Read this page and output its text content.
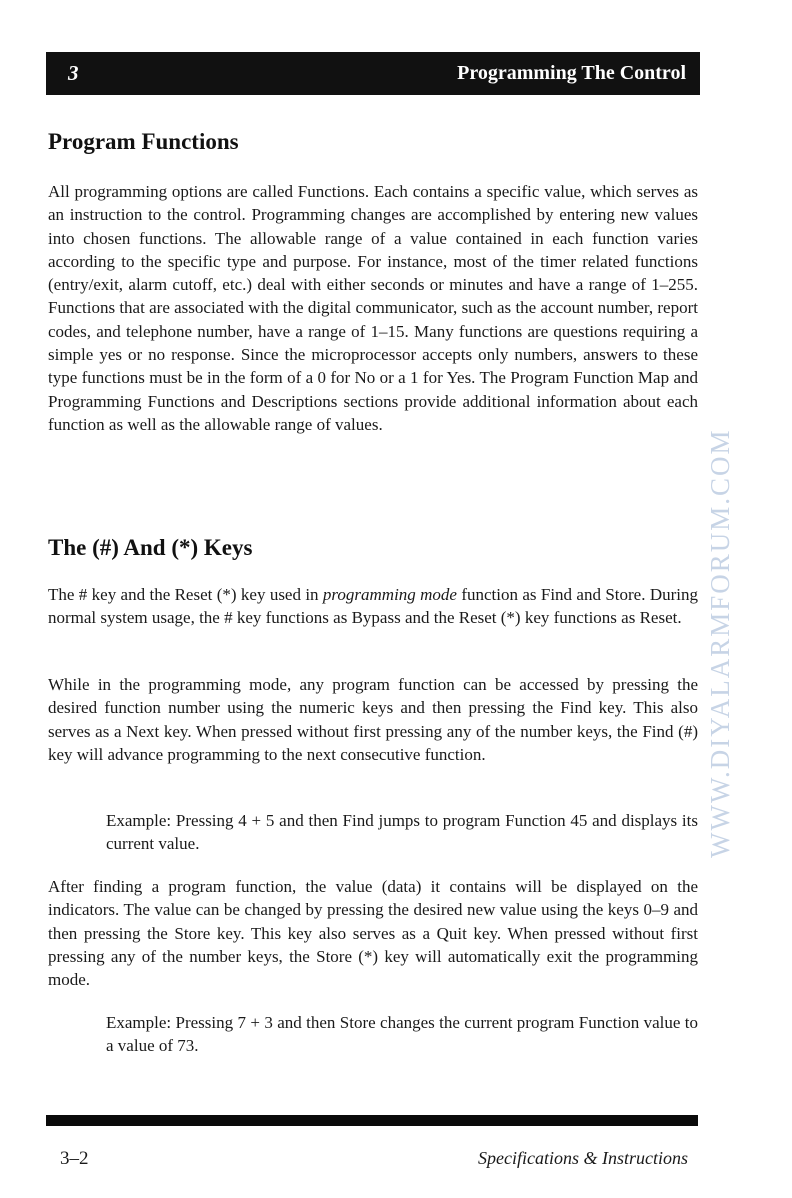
3	Programming The Control
Program Functions

All programming options are called Functions. Each contains a specific value, which serves as an instruction to the control. Programming changes are accomplished by entering new values into chosen functions. The allowable range of a value contained in each function varies according to the specific type and purpose. For instance, most of the timer related functions (entry/exit, alarm cutoff, etc.) deal with either seconds or minutes and have a range of 1–255. Functions that are associated with the digital communicator, such as the account number, report codes, and telephone number, have a range of 1–15. Many functions are questions requiring a simple yes or no response. Since the microprocessor accepts only numbers, answers to these type functions must be in the form of a 0 for No or a 1 for Yes. The Program Function Map and Programming Functions and Descriptions sections provide additional information about each function as well as the allowable range of values.

The (#) And (*) Keys

The # key and the Reset (*) key used in programming mode function as Find and Store. During normal system usage, the # key functions as Bypass and the Reset (*) key functions as Reset.

While in the programming mode, any program function can be accessed by pressing the desired function number using the numeric keys and then pressing the Find key. This also serves as a Next key. When pressed without first pressing any of the number keys, the Find (#) key will advance programming to the next consecutive function.

Example: Pressing 4 + 5 and then Find jumps to program Function 45 and displays its current value.

After finding a program function, the value (data) it contains will be displayed on the indicators. The value can be changed by pressing the desired new value using the keys 0–9 and then pressing the Store key. This key also serves as a Quit key. When pressed without first pressing any of the number keys, the Store (*) key will automatically exit the programming mode.

Example: Pressing 7 + 3 and then Store changes the current program Function value to a value of 73.

WWW.DIYALARMFORUM.COM
3–2	Specifications & Instructions
